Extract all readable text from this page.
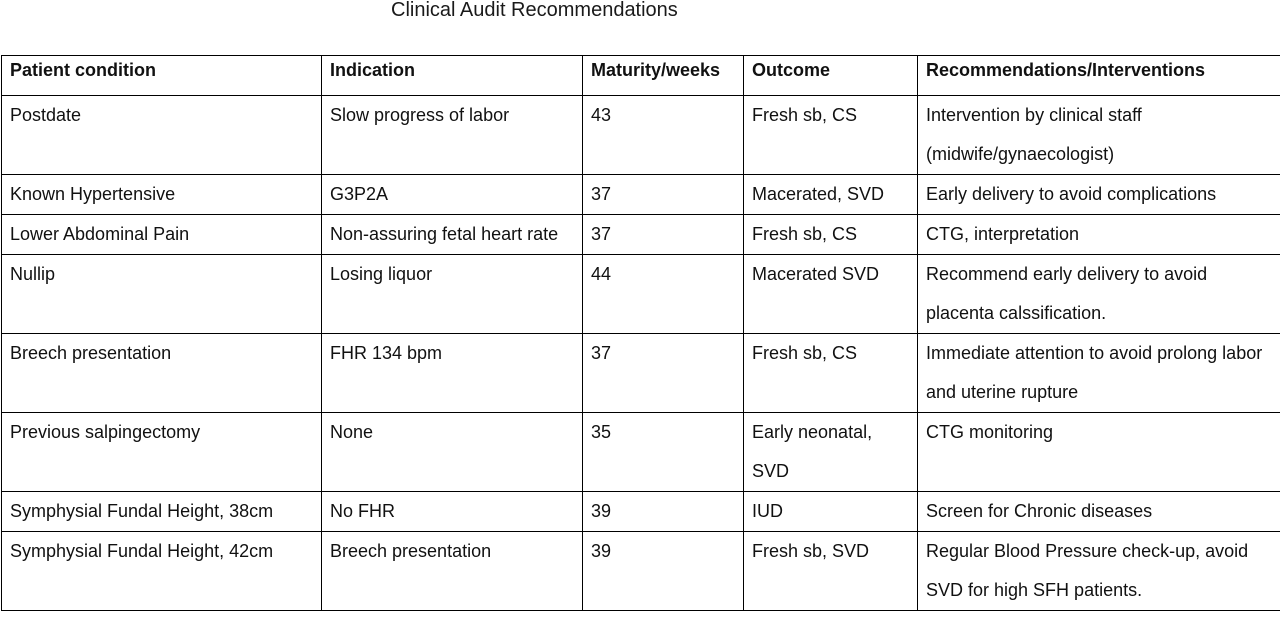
Clinical Audit Recommendations
Patient condition	Indication	Maturity/weeks	Outcome	Recommendations/Interventions
Postdate	Slow progress of labor	43	Fresh sb, CS	Intervention by clinical staff (midwife/gynaecologist)
Known Hypertensive	G3P2A	37	Macerated, SVD	Early delivery to avoid complications
Lower Abdominal Pain	Non-assuring fetal heart rate	37	Fresh sb, CS	CTG, interpretation
Nullip	Losing liquor	44	Macerated SVD	Recommend early delivery to avoid placenta calssification.
Breech presentation	FHR 134 bpm	37	Fresh sb, CS	Immediate attention to avoid prolong labor and uterine rupture
Previous salpingectomy	None	35	Early neonatal, SVD	CTG monitoring
Symphysial Fundal Height, 38cm	No FHR	39	IUD	Screen for Chronic diseases
Symphysial Fundal Height, 42cm	Breech presentation	39	Fresh sb, SVD	Regular Blood Pressure check-up, avoid SVD for high SFH patients.
